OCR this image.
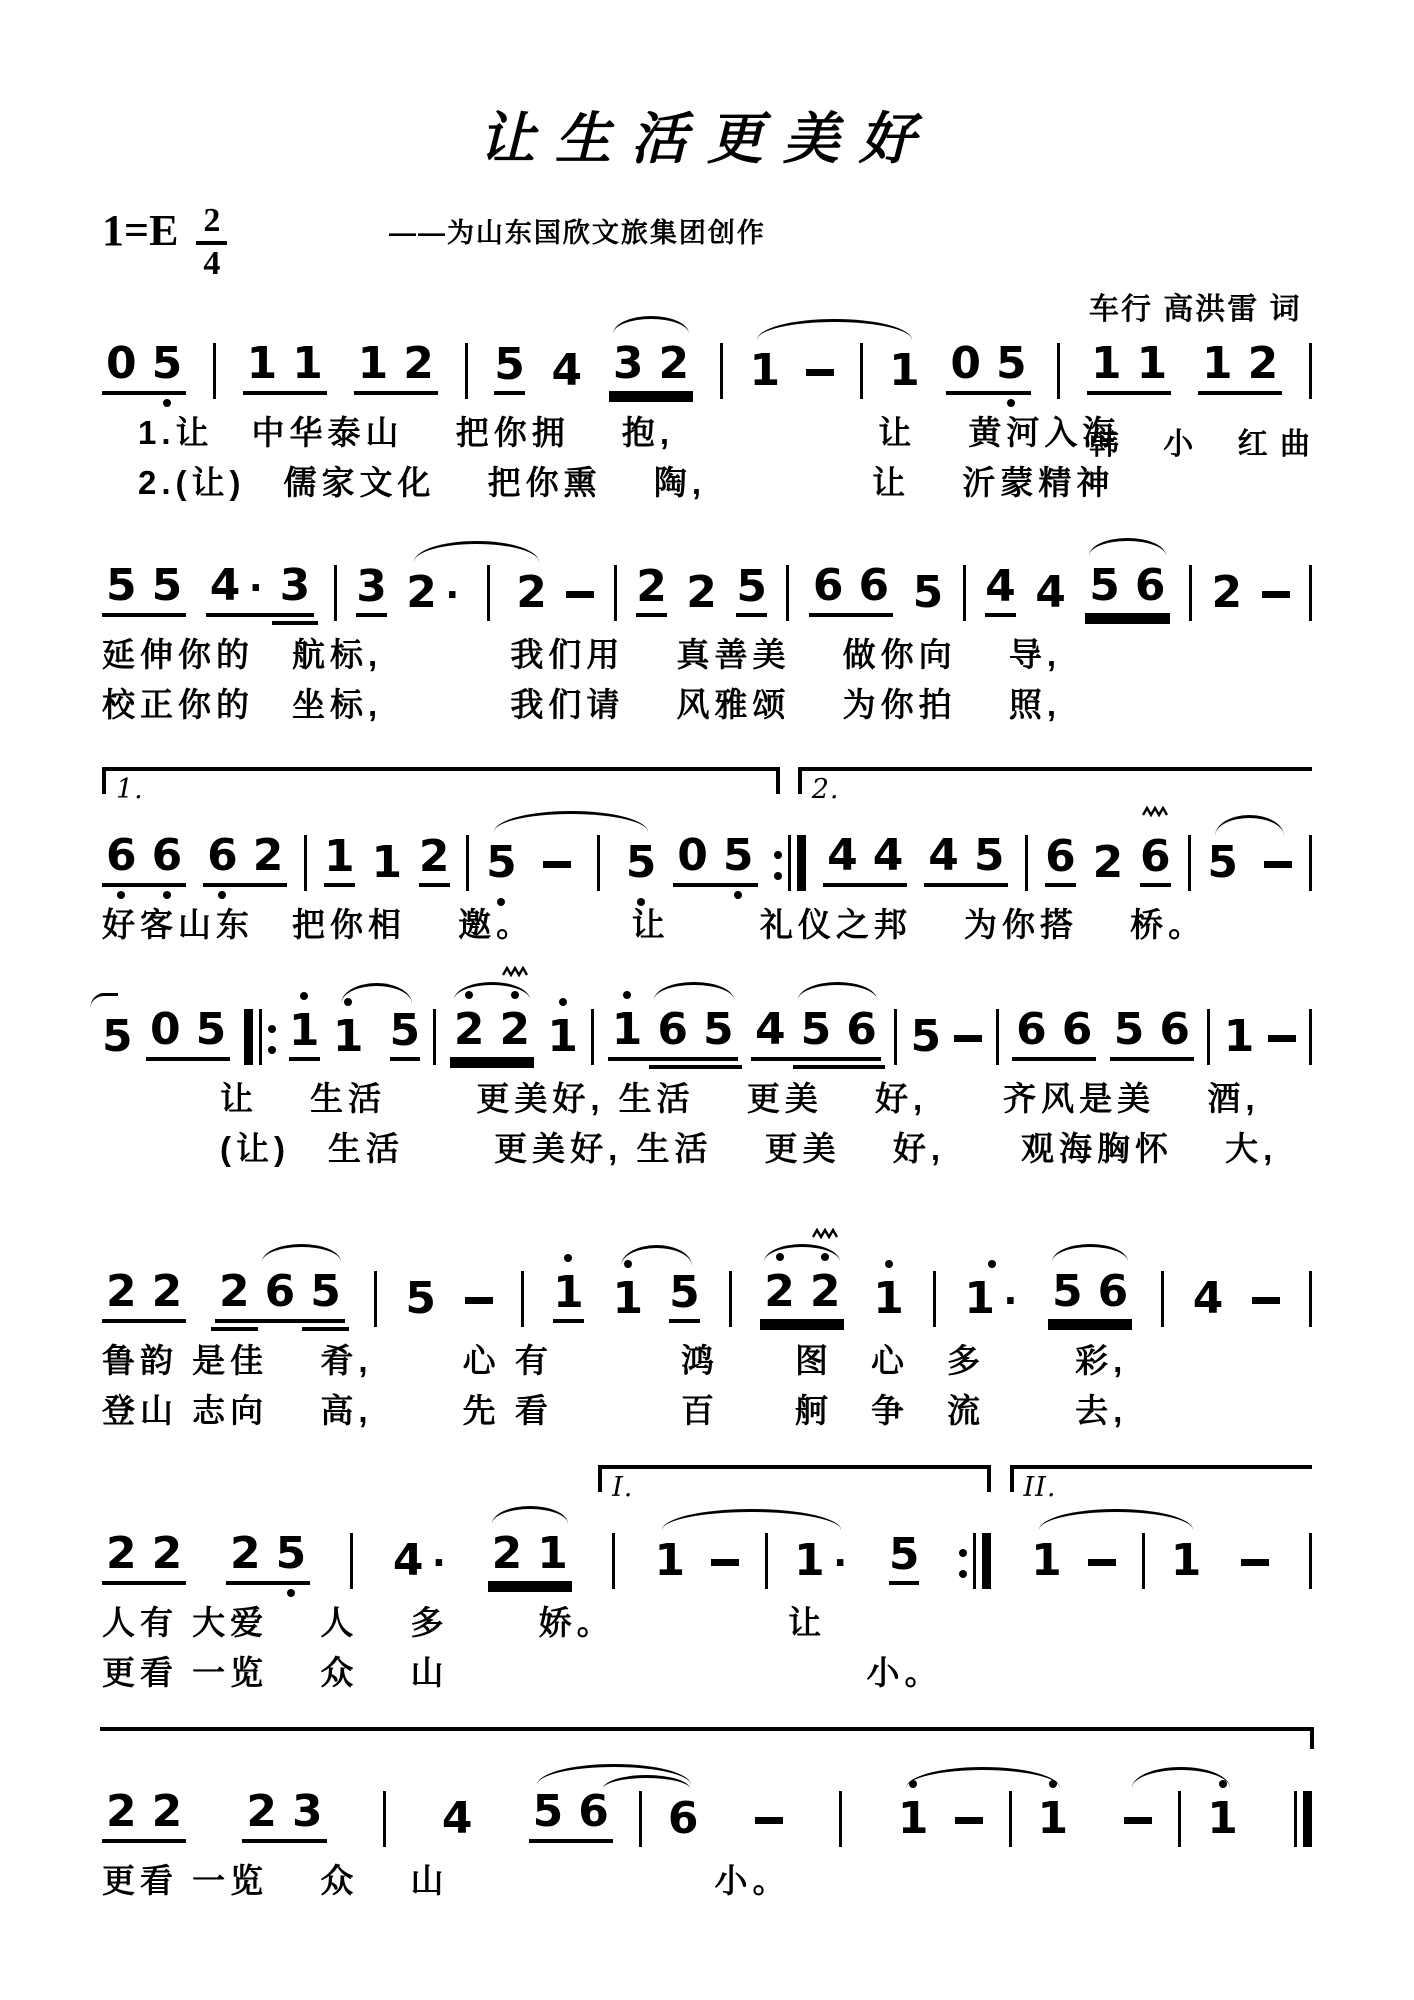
让生活更美好
$1=E \frac{2}{4}$	——为山东国欣文旅集团创作

车行 高洪雷 词

韩　 小 　红 曲

0 5 1 1 1 2 5 4 3 2 1 1 0 5 1 1 1 2
1.让　中华泰山　 把你拥　 抱,　　　　　 让　 黄河入海
2.(让)　儒家文化　 把你熏　 陶,　　　　 让　 沂蒙精神
5 5 4 · 3 3 2 · 2 2 2 5 6 6 5 4 4 5 6 2
延伸你的　航标,　　　 我们用　 真善美　 做你向　 导,
校正你的　坐标,　　　 我们请　 风雅颂　 为你拍　 照,
1.	2.
6 6 6 2 1 1 2 5 5 0 5 4 4 4 5 6 2 6 5
好客山东　把你相　 邀。　　　让　　 礼仪之邦　 为你搭　 桥。
5 0 5 1 1 5 2 2 1 1 6 5 4 5 6 5 6 6 5 6 1
让　 生活　　 更美好, 生活　 更美　 好,　　齐风是美　 酒,
(让)　生活　　 更美好, 生活　 更美　 好,　　观海胸怀　 大,
2 2 2 6 5 5	1 1 5 2 2 1 1 · 5 6 4
鲁韵 是佳　 肴,　　 心 有　　　 鸿　　图　心　多　　 彩,
登山 志向　 高,　　 先 看　　　 百　　舸　争　流　　 去,
I.	II.
2 2 2 5 4 · 2 1 1 1 · 5	1 1
人有 大爱　 人　 多　　 娇。　　　　　让
更看 一览　 众　 山　　　　　　　　　　　小。
2 2 2 3	4 5 6 6	1 1	1
更看 一览　 众　 山　　　　　　　小。
